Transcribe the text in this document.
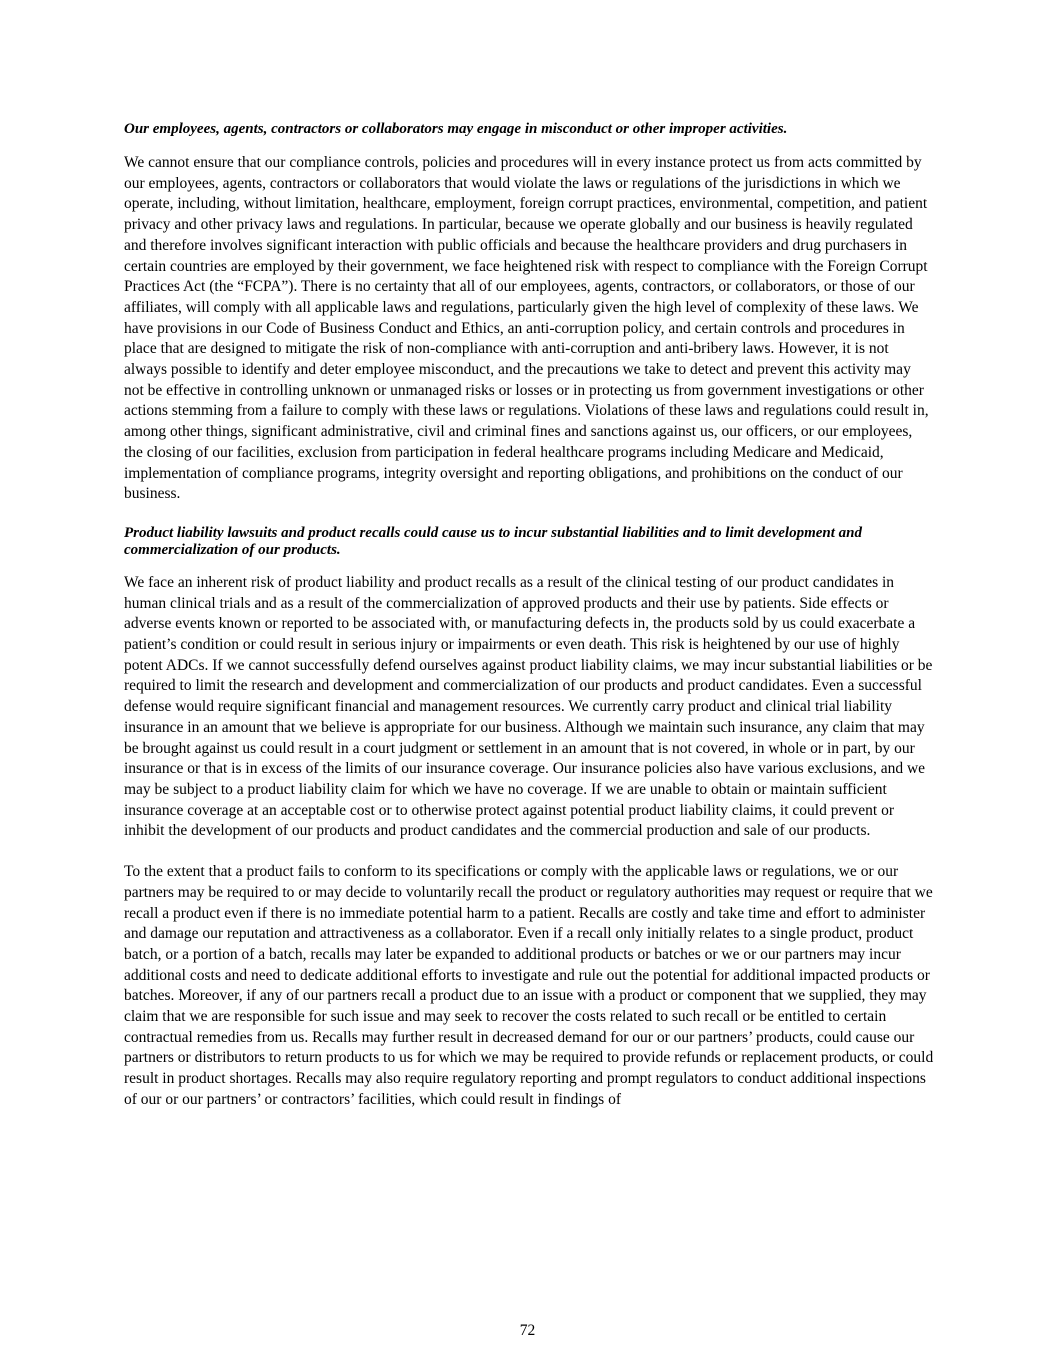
Our employees, agents, contractors or collaborators may engage in misconduct or other improper activities.

We cannot ensure that our compliance controls, policies and procedures will in every instance protect us from acts committed by our employees, agents, contractors or collaborators that would violate the laws or regulations of the jurisdictions in which we operate, including, without limitation, healthcare, employment, foreign corrupt practices, environmental, competition, and patient privacy and other privacy laws and regulations. In particular, because we operate globally and our business is heavily regulated and therefore involves significant interaction with public officials and because the healthcare providers and drug purchasers in certain countries are employed by their government, we face heightened risk with respect to compliance with the Foreign Corrupt Practices Act (the “FCPA”). There is no certainty that all of our employees, agents, contractors, or collaborators, or those of our affiliates, will comply with all applicable laws and regulations, particularly given the high level of complexity of these laws. We have provisions in our Code of Business Conduct and Ethics, an anti-corruption policy, and certain controls and procedures in place that are designed to mitigate the risk of non-compliance with anti-corruption and anti-bribery laws. However, it is not always possible to identify and deter employee misconduct, and the precautions we take to detect and prevent this activity may not be effective in controlling unknown or unmanaged risks or losses or in protecting us from government investigations or other actions stemming from a failure to comply with these laws or regulations. Violations of these laws and regulations could result in, among other things, significant administrative, civil and criminal fines and sanctions against us, our officers, or our employees, the closing of our facilities, exclusion from participation in federal healthcare programs including Medicare and Medicaid, implementation of compliance programs, integrity oversight and reporting obligations, and prohibitions on the conduct of our business.

Product liability lawsuits and product recalls could cause us to incur substantial liabilities and to limit development and commercialization of our products.

We face an inherent risk of product liability and product recalls as a result of the clinical testing of our product candidates in human clinical trials and as a result of the commercialization of approved products and their use by patients. Side effects or adverse events known or reported to be associated with, or manufacturing defects in, the products sold by us could exacerbate a patient’s condition or could result in serious injury or impairments or even death. This risk is heightened by our use of highly potent ADCs. If we cannot successfully defend ourselves against product liability claims, we may incur substantial liabilities or be required to limit the research and development and commercialization of our products and product candidates. Even a successful defense would require significant financial and management resources. We currently carry product and clinical trial liability insurance in an amount that we believe is appropriate for our business. Although we maintain such insurance, any claim that may be brought against us could result in a court judgment or settlement in an amount that is not covered, in whole or in part, by our insurance or that is in excess of the limits of our insurance coverage. Our insurance policies also have various exclusions, and we may be subject to a product liability claim for which we have no coverage. If we are unable to obtain or maintain sufficient insurance coverage at an acceptable cost or to otherwise protect against potential product liability claims, it could prevent or inhibit the development of our products and product candidates and the commercial production and sale of our products.

To the extent that a product fails to conform to its specifications or comply with the applicable laws or regulations, we or our partners may be required to or may decide to voluntarily recall the product or regulatory authorities may request or require that we recall a product even if there is no immediate potential harm to a patient. Recalls are costly and take time and effort to administer and damage our reputation and attractiveness as a collaborator. Even if a recall only initially relates to a single product, product batch, or a portion of a batch, recalls may later be expanded to additional products or batches or we or our partners may incur additional costs and need to dedicate additional efforts to investigate and rule out the potential for additional impacted products or batches. Moreover, if any of our partners recall a product due to an issue with a product or component that we supplied, they may claim that we are responsible for such issue and may seek to recover the costs related to such recall or be entitled to certain contractual remedies from us. Recalls may further result in decreased demand for our or our partners’ products, could cause our partners or distributors to return products to us for which we may be required to provide refunds or replacement products, or could result in product shortages. Recalls may also require regulatory reporting and prompt regulators to conduct additional inspections of our or our partners’ or contractors’ facilities, which could result in findings of

72
